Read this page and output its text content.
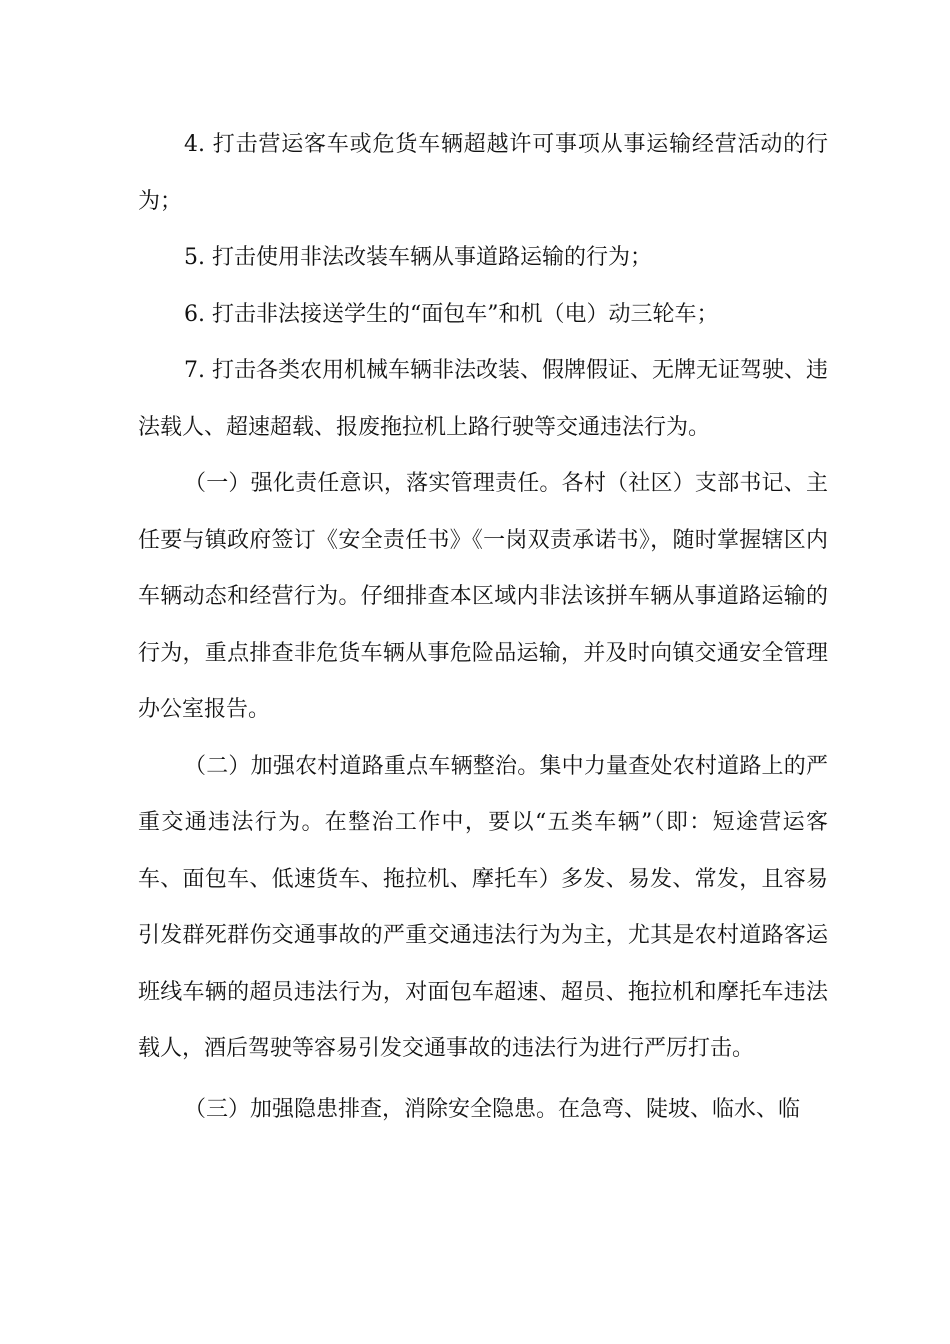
4. 打击营运客车或危货车辆超越许可事项从事运输经营活动的行为；

5. 打击使用非法改装车辆从事道路运输的行为；

6. 打击非法接送学生的“面包车”和机（电）动三轮车；

7. 打击各类农用机械车辆非法改装、假牌假证、无牌无证驾驶、违法载人、超速超载、报废拖拉机上路行驶等交通违法行为。

（一）强化责任意识，落实管理责任。各村（社区）支部书记、主任要与镇政府签订《安全责任书》《一岗双责承诺书》，随时掌握辖区内车辆动态和经营行为。仔细排查本区域内非法该拼车辆从事道路运输的行为，重点排查非危货车辆从事危险品运输，并及时向镇交通安全管理办公室报告。

（二）加强农村道路重点车辆整治。集中力量查处农村道路上的严重交通违法行为。在整治工作中，要以“五类车辆”（即：短途营运客车、面包车、低速货车、拖拉机、摩托车）多发、易发、常发，且容易引发群死群伤交通事故的严重交通违法行为为主，尤其是农村道路客运班线车辆的超员违法行为，对面包车超速、超员、拖拉机和摩托车违法载人，酒后驾驶等容易引发交通事故的违法行为进行严厉打击。

（三）加强隐患排查，消除安全隐患。在急弯、陡坡、临水、临
